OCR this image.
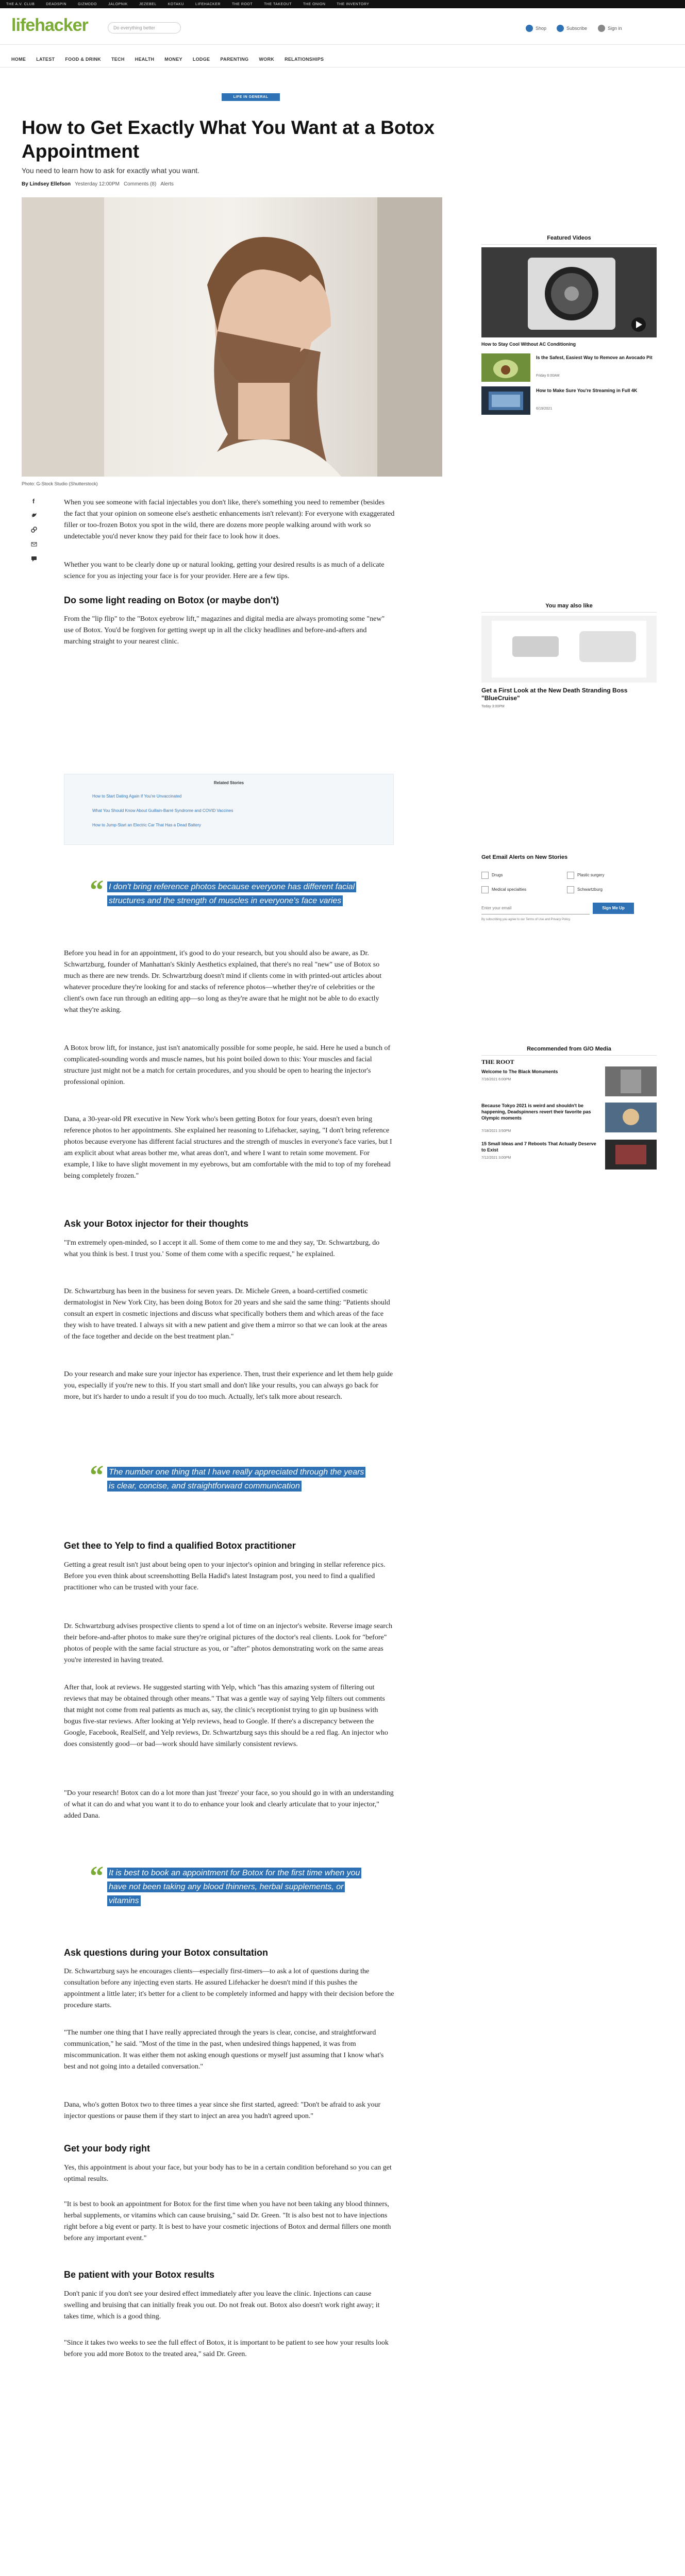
THE A.V. CLUB	DEADSPIN	GIZMODO	JALOPNIK	JEZEBEL	KOTAKU	LIFEHACKER	THE ROOT	THE TAKEOUT	THE ONION	THE INVENTORY
lifehacker	Do everything better	Shop	Subscribe	Sign in
HOME LATEST FOOD & DRINK TECH HEALTH MONEY LODGE PARENTING WORK RELATIONSHIPS
LIFE IN GENERAL
How to Get Exactly What You Want at a Botox Appointment
You need to learn how to ask for exactly what you want.
By Lindsey Ellefson Yesterday 12:00PM Comments (8) Alerts
Photo: G-Stock Studio (Shutterstock)
f	When you see someone with facial injectables you don't like, there's something you need to remember (besides the fact that your opinion on someone else's aesthetic enhancements isn't relevant): For everyone with exaggerated filler or too-frozen Botox you spot in the wild, there are dozens more people walking around with work so undetectable you'd never know they paid for their face to look how it does.
Whether you want to be clearly done up or natural looking, getting your desired results is as much of a delicate science for you as injecting your face is for your provider. Here are a few tips.
Do some light reading on Botox (or maybe don't)
From the "lip flip" to the "Botox eyebrow lift," magazines and digital media are always promoting some "new" use of Botox. You'd be forgiven for getting swept up in all the clicky headlines and before-and-afters and marching straight to your nearest clinic.
Related Stories
How to Start Dating Again If You're Unvaccinated
What You Should Know About Guillain-Barré Syndrome and COVID Vaccines
How to Jump-Start an Electric Car That Has a Dead Battery
“ I don't bring reference photos because everyone has different facial structures and the strength of muscles in everyone's face varies
Before you head in for an appointment, it's good to do your research, but you should also be aware, as Dr. Schwartzburg, founder of Manhattan's Skinly Aesthetics explained, that there's no real "new" use of Botox so much as there are new trends. Dr. Schwartzburg doesn't mind if clients come in with printed-out articles about whatever procedure they're looking for and stacks of reference photos—whether they're of celebrities or the client's own face run through an editing app—so long as they're aware that he might not be able to do exactly what they're asking.
A Botox brow lift, for instance, just isn't anatomically possible for some people, he said. Here he used a bunch of complicated-sounding words and muscle names, but his point boiled down to this: Your muscles and facial structure just might not be a match for certain procedures, and you should be open to hearing the injector's professional opinion.
Dana, a 30-year-old PR executive in New York who's been getting Botox for four years, doesn't even bring reference photos to her appointments. She explained her reasoning to Lifehacker, saying, "I don't bring reference photos because everyone has different facial structures and the strength of muscles in everyone's face varies, but I am explicit about what areas bother me, what areas don't, and where I want to retain some movement. For example, I like to have slight movement in my eyebrows, but am comfortable with the mid to top of my forehead being completely frozen."
Ask your Botox injector for their thoughts
"I'm extremely open-minded, so I accept it all. Some of them come to me and they say, 'Dr. Schwartzburg, do what you think is best. I trust you.' Some of them come with a specific request," he explained.
Dr. Schwartzburg has been in the business for seven years. Dr. Michele Green, a board-certified cosmetic dermatologist in New York City, has been doing Botox for 20 years and she said the same thing: "Patients should consult an expert in cosmetic injections and discuss what specifically bothers them and which areas of the face they wish to have treated. I always sit with a new patient and give them a mirror so that we can look at the areas of the face together and decide on the best treatment plan."
Do your research and make sure your injector has experience. Then, trust their experience and let them help guide you, especially if you're new to this. If you start small and don't like your results, you can always go back for more, but it's harder to undo a result if you do too much. Actually, let's talk more about research.
“ The number one thing that I have really appreciated through the years is clear, concise, and straightforward communication
Get thee to Yelp to find a qualified Botox practitioner
Getting a great result isn't just about being open to your injector's opinion and bringing in stellar reference pics. Before you even think about screenshotting Bella Hadid's latest Instagram post, you need to find a qualified practitioner who can be trusted with your face.
Dr. Schwartzburg advises prospective clients to spend a lot of time on an injector's website. Reverse image search their before-and-after photos to make sure they're original pictures of the doctor's real clients. Look for "before" photos of people with the same facial structure as you, or "after" photos demonstrating work on the same areas you're interested in having treated.
After that, look at reviews. He suggested starting with Yelp, which "has this amazing system of filtering out reviews that may be obtained through other means." That was a gentle way of saying Yelp filters out comments that might not come from real patients as much as, say, the clinic's receptionist trying to gin up business with bogus five-star reviews. After looking at Yelp reviews, head to Google. If there's a discrepancy between the Google, Facebook, RealSelf, and Yelp reviews, Dr. Schwartzburg says this should be a red flag. An injector who does consistently good—or bad—work should have similarly consistent reviews.
"Do your research! Botox can do a lot more than just 'freeze' your face, so you should go in with an understanding of what it can do and what you want it to do to enhance your look and clearly articulate that to your injector," added Dana.
“ It is best to book an appointment for Botox for the first time when you have not been taking any blood thinners, herbal supplements, or vitamins
Ask questions during your Botox consultation
Dr. Schwartzburg says he encourages clients—especially first-timers—to ask a lot of questions during the consultation before any injecting even starts. He assured Lifehacker he doesn't mind if this pushes the appointment a little later; it's better for a client to be completely informed and happy with their decision before the procedure starts.
"The number one thing that I have really appreciated through the years is clear, concise, and straightforward communication," he said. "Most of the time in the past, when undesired things happened, it was from miscommunication. It was either them not asking enough questions or myself just assuming that I know what's best and not going into a detailed conversation."
Dana, who's gotten Botox two to three times a year since she first started, agreed: "Don't be afraid to ask your injector questions or pause them if they start to inject an area you hadn't agreed upon."
Get your body right
Yes, this appointment is about your face, but your body has to be in a certain condition beforehand so you can get optimal results.
"It is best to book an appointment for Botox for the first time when you have not been taking any blood thinners, herbal supplements, or vitamins which can cause bruising," said Dr. Green. "It is also best not to have injections right before a big event or party. It is best to have your cosmetic injections of Botox and dermal fillers one month before any important event."
Be patient with your Botox results
Don't panic if you don't see your desired effect immediately after you leave the clinic. Injections can cause swelling and bruising that can initially freak you out. Do not freak out. Botox also doesn't work right away; it takes time, which is a good thing.
"Since it takes two weeks to see the full effect of Botox, it is important to be patient to see how your results look before you add more Botox to the treated area," said Dr. Green.
Featured Videos
How to Stay Cool Without AC Conditioning
Is the Safest, Easiest Way to Remove an Avocado Pit
Friday 6:00AM
How to Make Sure You're Streaming in Full 4K
6/19/2021
You may also like
Get a First Look at the New Death Stranding Boss "BlueCruise"
Today 3:00PM
Get Email Alerts on New Stories
Drugs	Plastic surgery
Medical specialties	Schwartzburg
Enter your email	Sign Me Up
By subscribing you agree to our Terms of Use and Privacy Policy.
Recommended from G/O Media
THE ROOT
Welcome to The Black Monuments
7/16/2021 6:00PM
Because Tokyo 2021 is weird and shouldn't be happening, Deadspinners revert their favorite pas Olympic moments
7/18/2021 3:50PM
15 Small Ideas and 7 Reboots That Actually Deserve to Exist
7/12/2021 3:00PM
